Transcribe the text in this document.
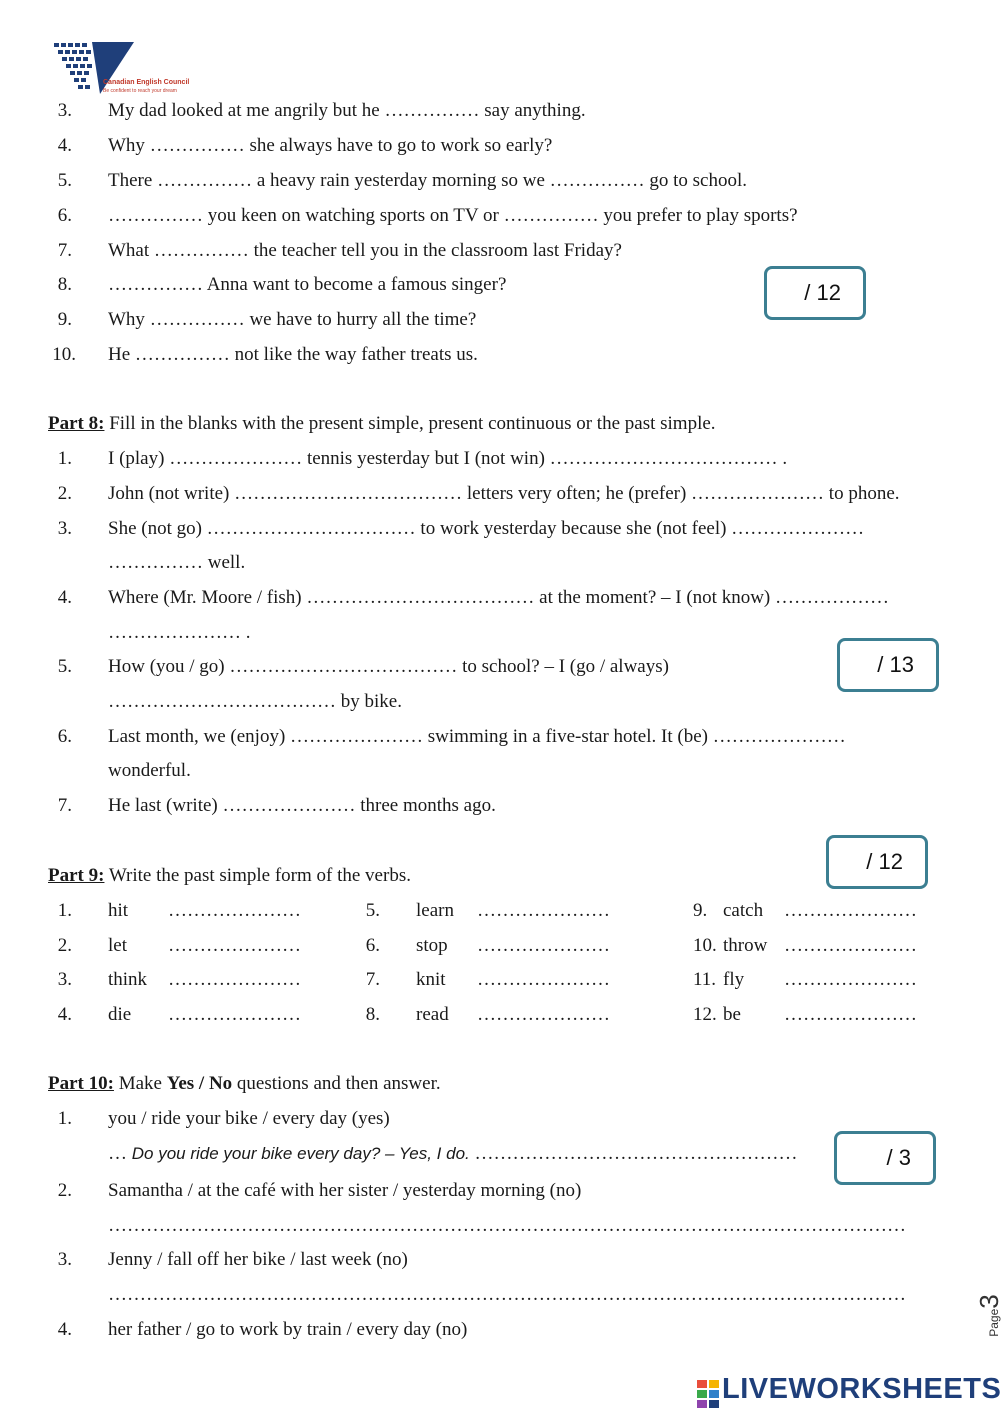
Canadian English Council
Be confident to reach your dream
3. My dad looked at me angrily but he …………… say anything.
4. Why …………… she always have to go to work so early?
5. There …………… a heavy rain yesterday morning so we …………… go to school.
6. …………… you keen on watching sports on TV or …………… you prefer to play sports?
7. What …………… the teacher tell you in the classroom last Friday?
8. …………… Anna want to become a famous singer?
9. Why …………… we have to hurry all the time?
10. He …………… not like the way father treats us.
/ 12
Part 8: Fill in the blanks with the present simple, present continuous or the past simple.
1. I (play) ………………… tennis yesterday but I (not win) ……………………………… .
2. John (not write) ……………………………… letters very often; he (prefer) ………………… to phone.
3. She (not go) …………………………… to work yesterday because she (not feel) …………………
…………… well.
4. Where (Mr. Moore / fish) ……………………………… at the moment? – I (not know) ………………
………………… .
5. How (you / go) ……………………………… to school? – I (go / always)
……………………………… by bike.
6. Last month, we (enjoy) ………………… swimming in a five-star hotel. It (be) …………………
wonderful.
7. He last (write) ………………… three months ago.
/ 13
/ 12
Part 9: Write the past simple form of the verbs.
1. hit …………………
2. let …………………
3. think …………………
4. die …………………
5. learn …………………
6. stop …………………
7. knit …………………
8. read …………………
9. catch …………………
10. throw …………………
11. fly …………………
12. be …………………
Part 10: Make Yes / No questions and then answer.
1. you / ride your bike / every day (yes)
… Do you ride your bike every day? – Yes, I do. ……………………………………………	/ 3
2. Samantha / at the café with her sister / yesterday morning (no)
………………………………………………………………………………………………………………
3. Jenny / fall off her bike / last week (no)
………………………………………………………………………………………………………………
4. her father / go to work by train / every day (no)	Page3
LIVEWORKSHEETS
